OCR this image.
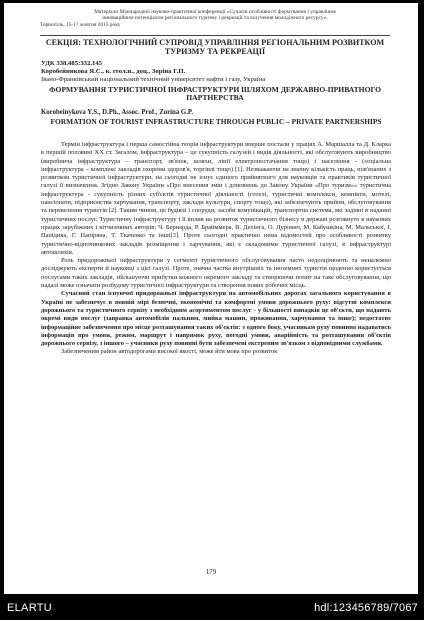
Матеріали Міжнародної науково-практичної конференції «Сучасні особливості формування і управління
інноваційним потенціалом регіонального туризму і рекреації та залучення молодіжного ресурсу».

Тернопіль, 15-17 жовтня 2015 року
СЕКЦІЯ: ТЕХНОЛОГІЧНИЙ СУПРОВІД УПРАВЛІННЯ РЕГІОНАЛЬНИМ РОЗВИТКОМ ТУРИЗМУ ТА РЕКРЕАЦІЇ
УДК 338.485:332.145
Коробейникова Я.С., к. геол.н., доц., Зоріна Г.П.
Івано-Франківський національний технічний університет нафти і газу, Україна
ФОРМУВАННЯ ТУРИСТИЧНОЇ ІНФРАСТРУКТУРИ ШЛЯХОМ ДЕРЖАВНО-ПРИВАТНОГО ПАРТНЕРСТВА
Korobeinykova Y.S., D.Ph., Assoc. Prof., Zorina G.P.
FORMATION OF TOURIST INFRASTRUCTURE THROUGH PUBLIC – PRIVATE PARTNERSHIPS

Термін інфраструктура і перша самостійна теорія інфраструктури вперше постали у працях А. Маршалла та Д. Кларка в першій половині ХХ ст. Загалом, інфраструктура – це сукупність галузей і видів діяльності, які обслуговують виробництво (виробнича інфраструктура – транспорт, зв'язок, шляхи, лінії електропостачання тощо) і населення - (соціальна інфраструктура – комплекс закладів охорони здоров'я, торгівлі тощо) [1]. Незважаючи на значну кількість праць, пов'язаних з розвитком туристичної інфраструктури, на сьогодні не існує єдиного прийнятного для науковців та практиків туристичної галузі її визначення. Згідно Закону України «Про внесення змін і доповнень до Закону України «Про туризм»» туристична інфраструктура - сукупність різних суб'єктів туристичної діяльності (готелі, туристичні комплекси, кемпінги, мотелі, пансіонати, підприємства харчування, транспорту, заклади культури, спорту тощо), які забезпечують прийом, обслуговування та перевезення туристів [2]. Таким чином, це будівлі і споруди, засоби комунікацій, транспортна система, які задіяні в наданні туристичних послуг. Туристичну інфраструктуру і її вплив на розвиток туристичного бізнесу в державі розглянуто в наукових працях зарубіжних і вітчизняних авторів: Ч. Бернарда, Р. Брайммера, В. Дехінга, О. Дурович, М. Кабушкіна, М. Мальської, І. Папідика, Г. Папіряна, Т. Ткаченко та інші[3]. Проте сьогодні практично нема відомостей про особливості розвитку туристично-відпочинкових закладів розміщення і харчування, які є складовими туристичної галузі, в інфраструктурі автошляхів.

Роль придорожньої інфраструктури у сегменті туристичного обслуговування часто недооцінюють та неналежно досліджують експерти й науковці з цієї галузі. Проте, значна частка внутрішніх та іноземних туристів щоденно користується послугами таких закладів, збільшуючи прибутки кожного окремого закладу та створюючи попит на таке обслуговування, що надалі може означати розбудову туристичної інфраструктури та створення нових робочих місць.

Сучасний стан існуючої придорожньої інфраструктури на автомобільних дорогах загального користування в Україні не забезпечує в повній мірі безпечні, економічні та комфортні умови дорожнього руху: відсутні комплекси дорожнього та туристичного сервізу з необхідним асортиментом послуг - у більшості випадків це об'єкти, що надають окремі види послуг (заправка автомобілів пальним, мийка машин, проживання, харчування та інше); недостатнє інформаційне забезпечення про місце розташування таких об'єктів: з одного боку, учасникам руху повинна надаватись інформація про умови, режим, маршрут і напрямок руху, погодні умови, аварійність та розташування об'єктів дорожнього сервізу, з іншого – учасники руху повинні бути забезпечені екстреним зв'язком з відповідними службами.

Забезпеченим район автодорогами високої якості, може йти мова про розвиток

179
ELARTU	hdl:123456789/7067
